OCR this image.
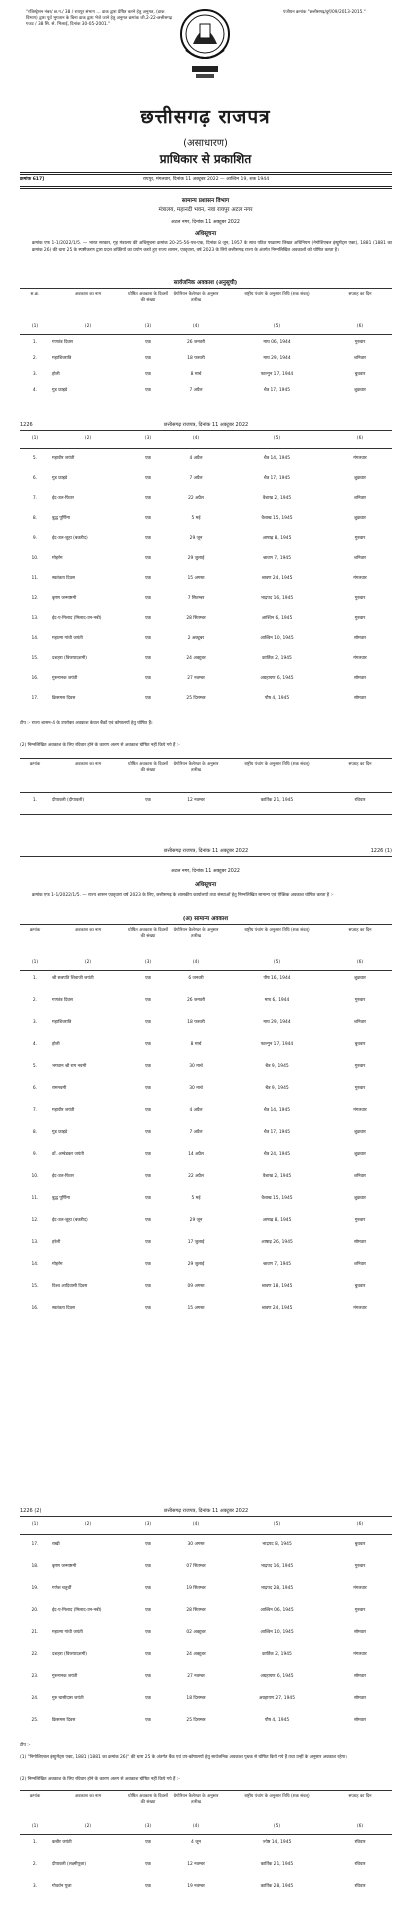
"रजिस्ट्रेशन नंबर/ छ.ग./ 38 / रायपुर संभाग … डाक द्वारा प्रेषित करने हेतु अनुमत, (डाक विभाग) द्वारा पूर्व भुगतान के बिना डाक द्वारा भेजे जाने हेतु अनुमत क्रमांक जी.2-22-छत्तीसगढ़ गजट / 38 सि. से. भिलाई, दिनांक 30-05-2001."
पंजीयन क्रमांक "छत्तीसगढ़/दुर्ग/09/2013-2015."
छत्तीसगढ़ राजपत्र
(असाधारण)
प्राधिकार से प्रकाशित
क्रमांक 617]	रायपुर, मंगलवार, दिनांक 11 अक्टूबर 2022 — आश्विन 19, शक 1944
सामान्य प्रशासन विभाग
मंत्रालय, महानदी भवन, नवा रायपुर अटल नगर
अटल नगर, दिनांक 11 अक्टूबर 2022
अधिसूचना
क्रमांक एफ 1-1/2022/1/5. — भारत सरकार, गृह मंत्रालय की अधिसूचना क्रमांक 20-25-56-पब-एक, दिनांक 8 जून, 1957 के साथ पठित परक्राम्य लिखत अधिनियम (नेगोशिएबल इंस्ट्रूमेंट्स एक्ट), 1881 (1881 का क्रमांक 26) की धारा 25 के स्पष्टीकरण द्वारा प्रदत्त शक्तियों का प्रयोग करते हुए राज्य शासन, एतद्द्वारा, वर्ष 2023 के लिये छत्तीसगढ़ राज्य के अंतर्गत निम्नलिखित अवकाशों को घोषित करता है।
सार्वजनिक अवकाश (अनुसूची)
स.क्र.	अवकाश का नाम	घोषित अवकाश के दिवसों की संख्या
ग्रेगोरियन कैलेण्डर के अनुसार तारीख
राष्ट्रीय पंचांग के अनुसार तिथि (शक संवत्)	सप्ताह का दिन
(1)	(2)	(3)	(4)	(5)	(6)
1.	गणतंत्र दिवस	एक	26 जनवरी	माघ 06, 1944	गुरुवार
2.	महाशिवरात्रि	एक	18 फरवरी	माघ 29, 1944	शनिवार
3.	होली	एक	8 मार्च	फाल्गुन 17, 1944	बुधवार
4.	गुड फ्राइडे	एक	7 अप्रैल	चैत्र 17, 1945	शुक्रवार
1226	छत्तीसगढ़ राजपत्र, दिनांक 11 अक्टूबर 2022
(1)	(2)	(3)	(4)	(5)	(6)
5.	महावीर जयंती	एक	4 अप्रैल	चैत्र 14, 1945	मंगलवार
6.	गुड फ्राइडे	एक	7 अप्रैल	चैत्र 17, 1945	शुक्रवार
7.	ईद-उल-फितर	एक	22 अप्रैल	वैशाख 2, 1945	शनिवार
8.	बुद्ध पूर्णिमा	एक	5 मई	वैशाख 15, 1945	शुक्रवार
9.	ईद-उल-जुहा (बकरीद)	एक	29 जून	आषाढ़ 8, 1945	गुरुवार
10.	मोहर्रम	एक	29 जुलाई	श्रावण 7, 1945	शनिवार
11.	स्वतंत्रता दिवस	एक	15 अगस्त	श्रावण 24, 1945	मंगलवार
12.	कृष्ण जन्माष्टमी	एक	7 सितम्बर	भाद्रपद 16, 1945	गुरुवार
13.	ईद-ए-मिलाद (मिलाद-उन-नबी)	एक	28 सितम्बर	आश्विन 6, 1945	गुरुवार
14.	महात्मा गांधी जयंती	एक	2 अक्टूबर	आश्विन 10, 1945	सोमवार
15.	दशहरा (विजयादशमी)	एक	24 अक्टूबर	कार्तिक 2, 1945	मंगलवार
16.	गुरुनानक जयंती	एक	27 नवम्बर	अग्रहायण 6, 1945	सोमवार
17.	क्रिसमस दिवस	एक	25 दिसम्बर	पौष 4, 1945	सोमवार
टीप :- राज्य शासन-4 के उपरोक्त अवकाश केवल बैंकों एवं कोषालयों हेतु घोषित हैं।
(2) निम्नलिखित अवकाश के लिए रविवार होने के कारण अलग से अवकाश घोषित नहीं किये गये हैं :-
क्रमांक	अवकाश का नाम	घोषित अवकाश के दिवसों की संख्या
ग्रेगोरियन कैलेण्डर के अनुसार तारीख
राष्ट्रीय पंचांग के अनुसार तिथि (शक संवत्)	सप्ताह का दिन
1.	दीपावली (दीपावली)	एक	12 नवम्बर	कार्तिक 21, 1945	रविवार
छत्तीसगढ़ राजपत्र, दिनांक 11 अक्टूबर 2022	1226 (1)
अटल नगर, दिनांक 11 अक्टूबर 2022
अधिसूचना
क्रमांक एफ 1-1/2022/1/5. — राज्य शासन एतद्द्वारा वर्ष 2023 के लिए, छत्तीसगढ़ के शासकीय कार्यालयों तथा संस्थाओं हेतु निम्नलिखित सामान्य एवं ऐच्छिक अवकाश घोषित करता है :-
(अ) सामान्य अवकाश
क्रमांक	अवकाश का नाम	घोषित अवकाश के दिवसों की संख्या
ग्रेगोरियन कैलेण्डर के अनुसार तारीख
राष्ट्रीय पंचांग के अनुसार तिथि (शक संवत्)	सप्ताह का दिन
(1)	(2)	(3)	(4)	(5)	(6)
1.	श्री छत्रपति शिवाजी जयंती	एक	6 जनवरी	पौष 16, 1944	शुक्रवार
2.	गणतंत्र दिवस	एक	26 जनवरी	माघ 6, 1944	गुरुवार
3.	महाशिवरात्रि	एक	18 फरवरी	माघ 29, 1944	शनिवार
4.	होली	एक	8 मार्च	फाल्गुन 17, 1944	बुधवार
5.	भगवान श्री राम नवमी	एक	30 मार्च	चैत्र 9, 1945	गुरुवार
6.	रामनवमी	एक	30 मार्च	चैत्र 9, 1945	गुरुवार
7.	महावीर जयंती	एक	4 अप्रैल	चैत्र 14, 1945	मंगलवार
8.	गुड फ्राइडे	एक	7 अप्रैल	चैत्र 17, 1945	शुक्रवार
9.	डॉ. अम्बेडकर जयंती	एक	14 अप्रैल	चैत्र 24, 1945	शुक्रवार
10.	ईद-उल-फितर	एक	22 अप्रैल	वैशाख 2, 1945	शनिवार
11.	बुद्ध पूर्णिमा	एक	5 मई	वैशाख 15, 1945	शुक्रवार
12.	ईद-उल-जुहा (बकरीद)	एक	29 जून	आषाढ़ 8, 1945	गुरुवार
13.	हरेली	एक	17 जुलाई	आषाढ़ 26, 1945	सोमवार
14.	मोहर्रम	एक	29 जुलाई	श्रावण 7, 1945	शनिवार
15.	विश्व आदिवासी दिवस	एक	09 अगस्त	श्रावण 18, 1945	बुधवार
16.	स्वतंत्रता दिवस	एक	15 अगस्त	श्रावण 24, 1945	मंगलवार
1226 (2)	छत्तीसगढ़ राजपत्र, दिनांक 11 अक्टूबर 2022
(1)	(2)	(3)	(4)	(5)	(6)
17.	राखी	एक	30 अगस्त	भाद्रपद 8, 1945	बुधवार
18.	कृष्ण जन्माष्टमी	एक	07 सितम्बर	भाद्रपद 16, 1945	गुरुवार
19.	गणेश चतुर्थी	एक	19 सितम्बर	भाद्रपद 28, 1945	मंगलवार
20.	ईद-ए-मिलाद (मिलाद-उन-नबी)	एक	28 सितम्बर	आश्विन 06, 1945	गुरुवार
21.	महात्मा गांधी जयंती	एक	02 अक्टूबर	आश्विन 10, 1945	सोमवार
22.	दशहरा (विजयादशमी)	एक	24 अक्टूबर	कार्तिक 2, 1945	मंगलवार
23.	गुरुनानक जयंती	एक	27 नवम्बर	अग्रहायण 6, 1945	सोमवार
24.	गुरु घासीदास जयंती	एक	18 दिसम्बर	अग्रहायण 27, 1945	सोमवार
25.	क्रिसमस दिवस	एक	25 दिसम्बर	पौष 4, 1945	सोमवार
टीप :-
(1) "निगोशिएबल इंस्ट्रूमेंट्स एक्ट, 1881 (1881 का क्रमांक 26)" की धारा 25 के अंतर्गत बैंक एवं उप-कोषालयों हेतु सार्वजनिक अवकाश पृथक से घोषित किये गये हैं तथा उन्हीं के अनुसार अवकाश रहेगा।
(2) निम्नलिखित अवकाश के लिए रविवार होने के कारण अलग से अवकाश घोषित नहीं किये गये हैं :-
क्रमांक	अवकाश का नाम	घोषित अवकाश के दिवसों की संख्या
ग्रेगोरियन कैलेण्डर के अनुसार तारीख
राष्ट्रीय पंचांग के अनुसार तिथि (शक संवत्)	सप्ताह का दिन
(1)	(2)	(3)	(4)	(5)	(6)
1.	कबीर जयंती	एक	4 जून	ज्येष्ठ 14, 1945	रविवार
2.	दीपावली (लक्ष्मीपूजा)	एक	12 नवम्बर	कार्तिक 21, 1945	रविवार
3.	गोवर्धन पूजा	एक	19 नवम्बर	कार्तिक 28, 1945	रविवार
